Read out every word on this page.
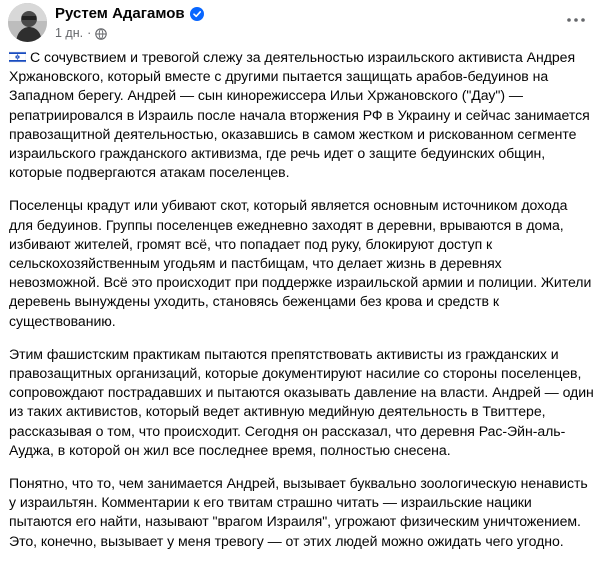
Рустем Адагамов
1 дн. ·

С сочувствием и тревогой слежу за деятельностью израильского активиста Андрея Хржановского, который вместе с другими пытается защищать арабов-бедуинов на Западном берегу. Андрей — сын кинорежиссера Ильи Хржановского ("Дау") —репатриировался в Израиль после начала вторжения РФ в Украину и сейчас занимается правозащитной деятельностью, оказавшись в самом жестком и рискованном сегменте израильского гражданского активизма, где речь идет о защите бедуинских общин, которые подвергаются атакам поселенцев.

Поселенцы крадут или убивают скот, который является основным источником дохода для бедуинов. Группы поселенцев ежедневно заходят в деревни, врываются в дома, избивают жителей, громят всё, что попадает под руку, блокируют доступ к сельскохозяйственным угодьям и пастбищам, что делает жизнь в деревнях невозможной. Всё это происходит при поддержке израильской армии и полиции. Жители деревень вынуждены уходить, становясь беженцами без крова и средств к существованию.

Этим фашистским практикам пытаются препятствовать активисты из гражданских и правозащитных организаций, которые документируют насилие со стороны поселенцев, сопровождают пострадавших и пытаются оказывать давление на власти. Андрей — один из таких активистов, который ведет активную медийную деятельность в Твиттере, рассказывая о том, что происходит. Сегодня он рассказал, что деревня Рас-Эйн-аль-Ауджа, в которой он жил все последнее время, полностью снесена.

Понятно, что то, чем занимается Андрей, вызывает буквально зоологическую ненависть у израильтян. Комментарии к его твитам страшно читать — израильские нацики пытаются его найти, называют "врагом Израиля", угрожают физическим уничтожением. Это, конечно, вызывает у меня тревогу — от этих людей можно ожидать чего угодно.
